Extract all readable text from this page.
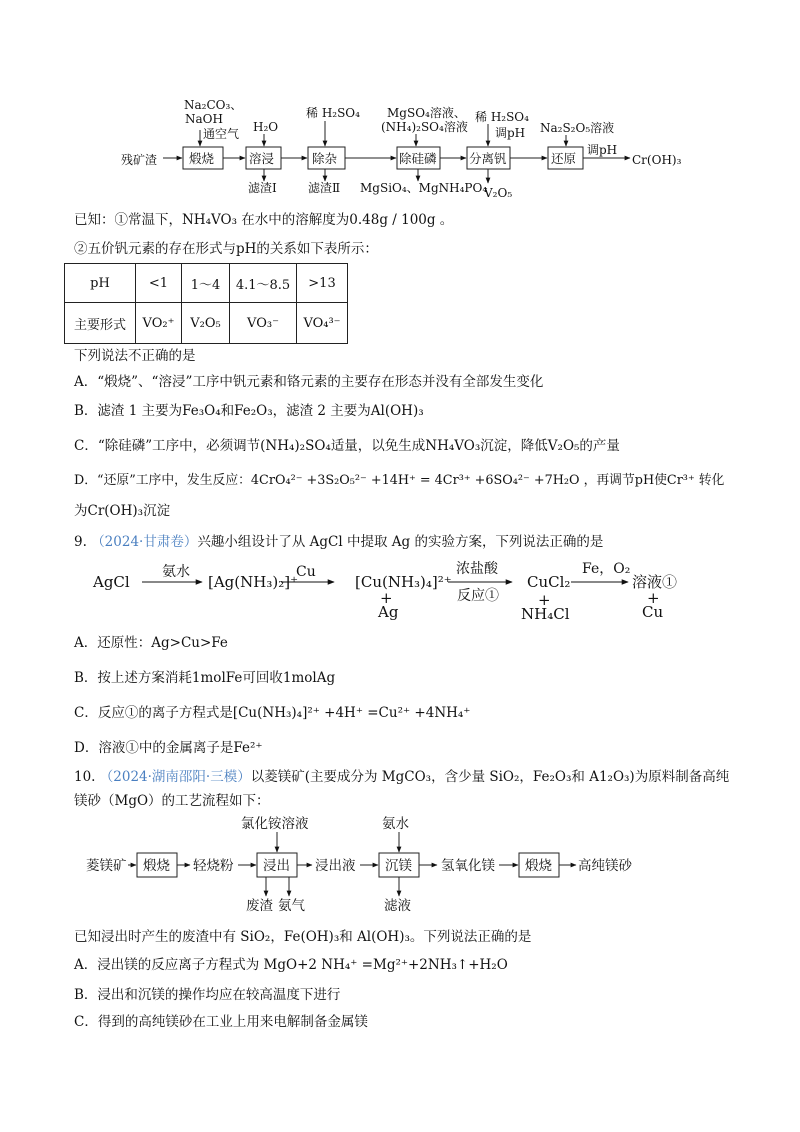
Na₂CO₃、
NaOH
通空气 H₂O
稀 H₂SO₄ MgSO₄溶液、
(NH₄)₂SO₄溶液
稀 H₂SO₄
调pH Na₂S₂O₅溶液
残矿渣
调pH
Cr(OH)₃
滤渣Ⅰ	滤渣Ⅱ MgSiO₄、MgNH₄PO₄
V₂O₅
煅烧	溶浸	除杂	除硅磷	分离钒	还原
已知：①常温下，NH₄VO₃ 在水中的溶解度为0.48g / 100g 。
②五价钒元素的存在形式与pH的关系如下表所示：
pH	<1	1～4	4.1～8.5	>13
主要形式	VO₂⁺	V₂O₅	VO₃⁻	VO₄³⁻
下列说法不正确的是
A．“煅烧”、“溶浸”工序中钒元素和铬元素的主要存在形态并没有全部发生变化
B．滤渣 1 主要为Fe₃O₄和Fe₂O₃，滤渣 2 主要为Al(OH)₃
C．“除硅磷”工序中，必须调节(NH₄)₂SO₄适量，以免生成NH₄VO₃沉淀，降低V₂O₅的产量
D．“还原”工序中，发生反应：4CrO₄²⁻ +3S₂O₅²⁻ +14H⁺ = 4Cr³⁺ +6SO₄²⁻ +7H₂O ，再调节pH使Cr³⁺ 转化
为Cr(OH)₃沉淀
9. （2024·甘肃卷）兴趣小组设计了从 AgCl 中提取 Ag 的实验方案，下列说法正确的是
AgCl	[Ag(NH₃)₂]⁺	[Cu(NH₃)₄]²⁺
Ag
CuCl₂
NH₄Cl
溶液①
Cu
+	+	+
氨水	Cu	浓盐酸
反应①
Fe，O₂
A．还原性：Ag>Cu>Fe
B．按上述方案消耗1molFe可回收1molAg
C．反应①的离子方程式是[Cu(NH₃)₄]²⁺ +4H⁺ =Cu²⁺ +4NH₄⁺
D．溶液①中的金属离子是Fe²⁺
10. （2024·湖南邵阳·三模）以菱镁矿(主要成分为 MgCO₃，含少量 SiO₂，Fe₂O₃和 A1₂O₃)为原料制备高纯
镁砂（MgO）的工艺流程如下：
菱镁矿 煅烧 轻烧粉 浸出 浸出液 沉镁 氢氧化镁 煅烧 高纯镁砂
氯化铵溶液	氨水
废渣 氨气	滤液
已知浸出时产生的废渣中有 SiO₂，Fe(OH)₃和 Al(OH)₃。下列说法正确的是
A．浸出镁的反应离子方程式为 MgO+2 NH₄⁺ =Mg²⁺+2NH₃↑+H₂O
B．浸出和沉镁的操作均应在较高温度下进行
C．得到的高纯镁砂在工业上用来电解制备金属镁
